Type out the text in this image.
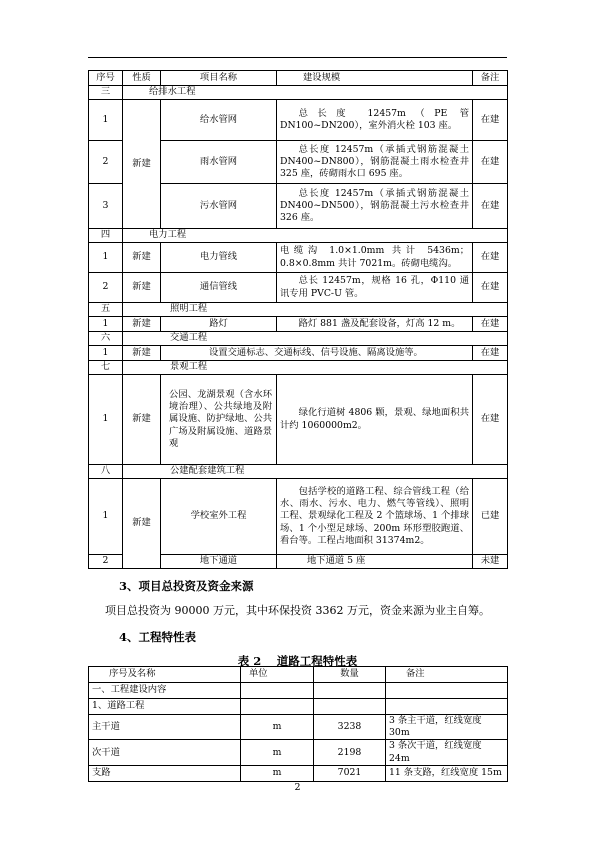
序号	性质	项目名称	建设规模	备注
三	给排水工程			
1	新建	给水管网	总长度 12457m（PE 管 DN100~DN200），室外消火栓 103 座。	在建
2		雨水管网	总长度 12457m（承插式钢筋混凝土 DN400~DN800），钢筋混凝土雨水检查井 325 座，砖砌雨水口 695 座。	在建
3		污水管网	总长度 12457m（承插式钢筋混凝土 DN400~DN500），钢筋混凝土污水检查井 326 座。	在建
四	电力工程			
1	新建	电力管线	电缆沟 1.0×1.0mm 共计 5436m；0.8×0.8mm 共计 7021m。砖砌电缆沟。	在建
2	新建	通信管线	总长 12457m，规格 16 孔，Φ110 通讯专用 PVC-U 管。	在建
五	照明工程			
1	新建	路灯	路灯 881 盏及配套设备，灯高 12 m。	在建
六	交通工程			
1	新建	设置交通标志、交通标线、信号设施、隔离设施等。		在建
七	景观工程			
1	新建	公园、龙湖景观（含水环境治理）、公共绿地及附属设施、防护绿地、公共广场及附属设施、道路景观	绿化行道树 4806 颗，景观、绿地面积共计约 1060000m2。	在建
八	公建配套建筑工程			
1	新建	学校室外工程	包括学校的道路工程、综合管线工程（给水、雨水、污水、电力、燃气等管线）、照明工程、景观绿化工程及 2 个篮球场、1 个排球场、1 个小型足球场、200m 环形塑胶跑道、看台等。工程占地面积 31374m2。	已建
2		地下通道	地下通道 5 座	未建
3、项目总投资及资金来源
项目总投资为 90000 万元，其中环保投资 3362 万元，资金来源为业主自筹。
4、工程特性表
表 2　 道路工程特性表
序号及名称	单位	数量	备注
一、工程建设内容			
1、道路工程			
主干道	m	3238	3 条主干道，红线宽度 30m
次干道	m	2198	3 条次干道，红线宽度 24m
支路	m	7021	11 条支路，红线宽度 15m
2
